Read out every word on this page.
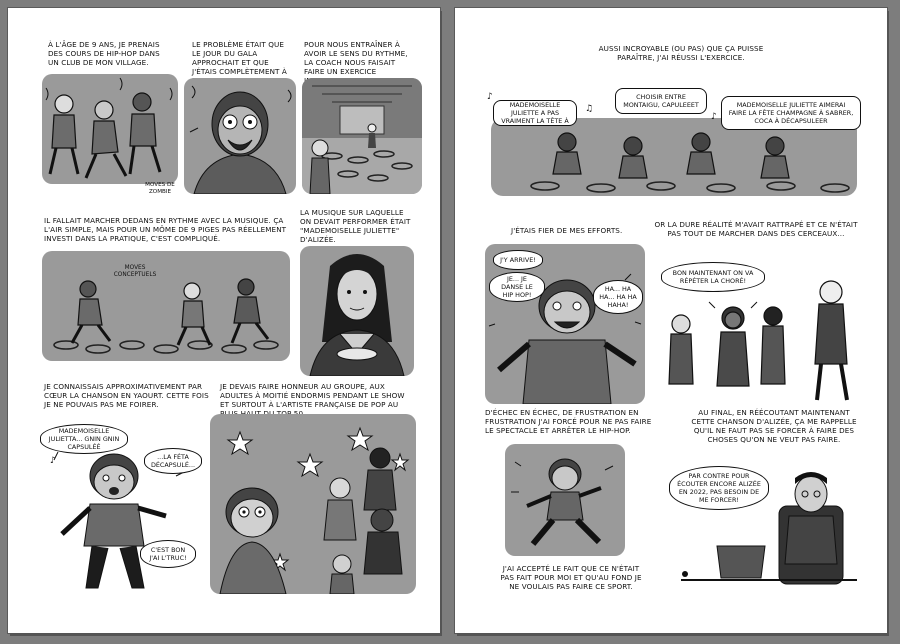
À L'ÂGE DE 9 ANS, JE PRENAIS DES COURS DE HIP-HOP DANS UN CLUB DE MON VILLAGE.

LE PROBLÈME ÉTAIT QUE LE JOUR DU GALA APPROCHAIT ET QUE J'ÉTAIS COMPLÈTEMENT À

POUR NOUS ENTRAÎNER À AVOIR LE SENS DU RYTHME, LA COACH NOUS FAISAIT FAIRE UN EXERCICE

MOVES DE ZOMBIE

IL FALLAIT MARCHER DEDANS EN RYTHME AVEC LA MUSIQUE. ÇA L'AIR SIMPLE, MAIS POUR UN MÔME DE 9 PIGES PAS RÉELLEMENT INVESTI DANS LA PRATIQUE, C'EST COMPLIQUÉ.

LA MUSIQUE SUR LAQUELLE ON DEVAIT PERFORMER ÉTAIT "MADEMOISELLE JULIETTE" D'ALIZÉE.

MOVES CONCEPTUELS

JE CONNAISSAIS APPROXIMATIVEMENT PAR CŒUR LA CHANSON EN YAOURT. CETTE FOIS JE NE POUVAIS PAS ME FOIRER.

JE DEVAIS FAIRE HONNEUR AU GROUPE, AUX ADULTES À MOITIÉ ENDORMIS PENDANT LE SHOW ET SURTOUT À L'ARTISTE FRANÇAISE DE POP AU

MADEMOISELLE JULIETTA... GNIN GNIN CAPSULÉÉ
...LA FÉTA DÉCAPSULÉ...
C'EST BON J'AI L'TRUC!
♪

AUSSI INCROYABLE (OU PAS) QUE ÇA PUISSE PARAÎTRE, J'AI RÉUSSI L'EXERCICE.

MADEMOISELLE JULIETTE A PAS VRAIMENT LA TÊTE À
CHOISIR ENTRE MONTAIGU, CAPULEEET	MADEMOISELLE JULIETTE AIMERAI FAIRE LA FÊTE CHAMPAGNE À SABRER, COCA À DÉCAPSULEER
♪
♫
♪

J'ÉTAIS FIER DE MES EFFORTS.

OR LA DURE RÉALITÉ M'AVAIT RATTRAPÉ ET CE N'ÉTAIT PAS TOUT DE MARCHER DANS DES CERCEAUX...

J'Y ARRIVE!
JE... JE DANSE LE HIP HOP!
HA... HA HA... HA HA HAHA!
BON MAINTENANT ON VA RÉPÉTER LA CHORÉ!

D'ÉCHEC EN ÉCHEC, DE FRUSTRATION EN FRUSTRATION J'AI FORCÉ POUR NE PAS FAIRE LE SPECTACLE ET ARRÊTER LE HIP-HOP.

AU FINAL, EN RÉÉCOUTANT MAINTENANT CETTE CHANSON D'ALIZÉE, ÇA ME RAPPELLE QU'IL NE FAUT PAS SE FORCER À FAIRE DES CHOSES QU'ON NE VEUT PAS FAIRE.

J'AI ACCEPTÉ LE FAIT QUE CE N'ÉTAIT PAS FAIT POUR MOI ET QU'AU FOND JE NE VOULAIS PAS FAIRE CE SPORT.

PAR CONTRE POUR ÉCOUTER ENCORE ALIZÉE EN 2022, PAS BESOIN DE ME FORCER!
